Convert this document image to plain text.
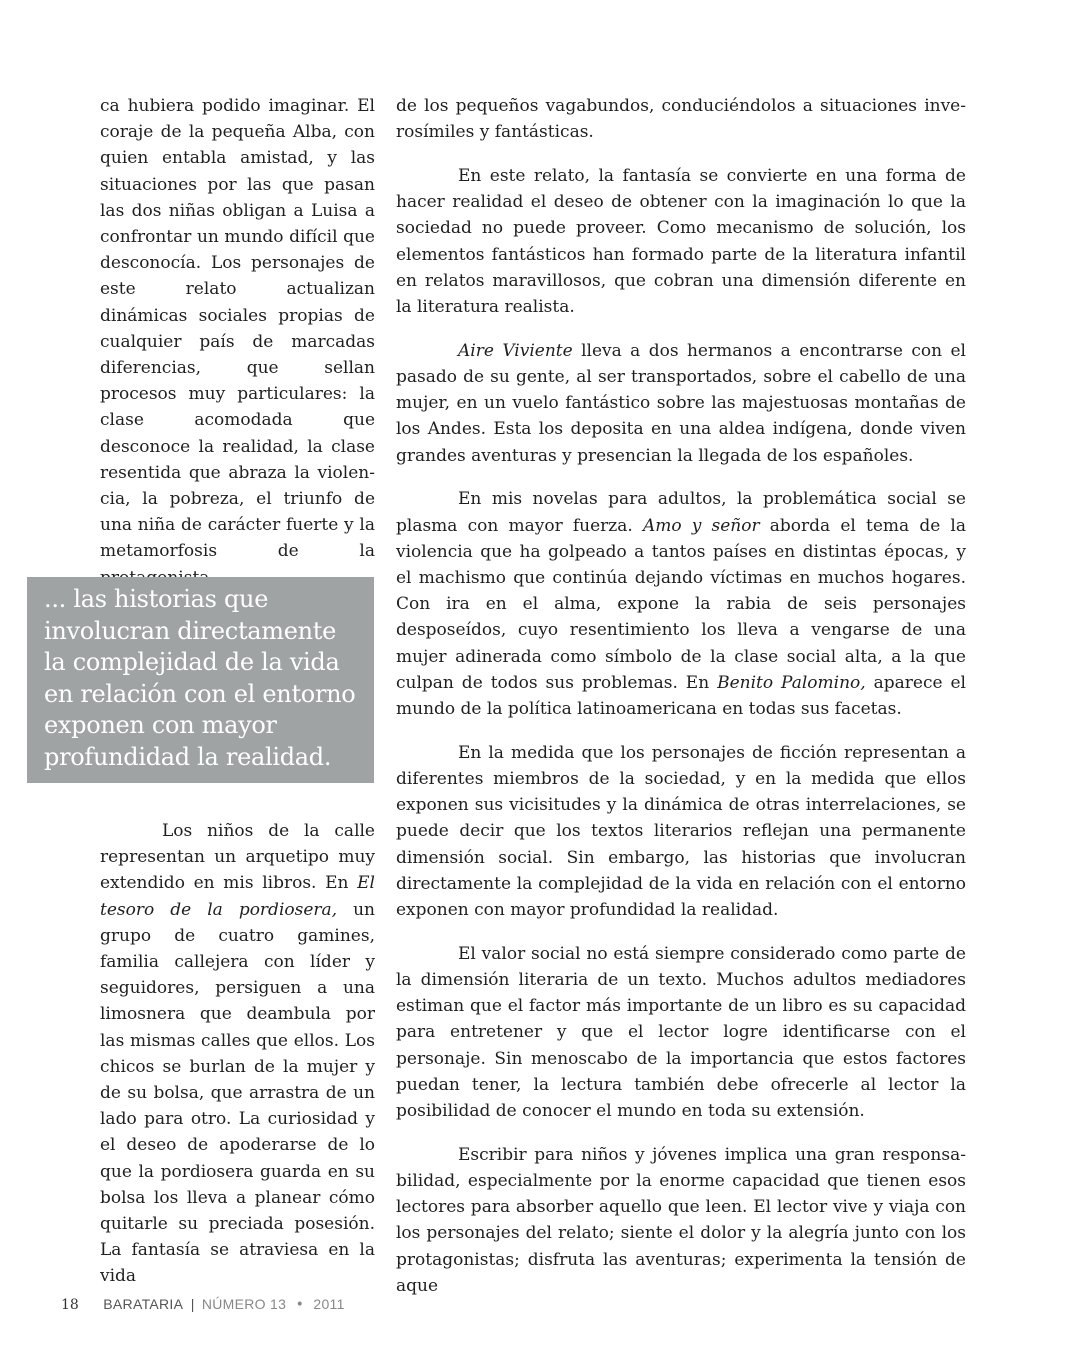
ca hubiera podido imaginar. El coraje de la pequeña Alba, con quien entabla amistad, y las situaciones por las que pasan las dos niñas obligan a Luisa a confrontar un mundo difícil que desconocía. Los personajes de este relato actualizan dinámicas sociales propias de cualquier país de marcadas diferencias, que sellan procesos muy particulares: la clase acomodada que desconoce la realidad, la clase resentida que abraza la violencia, la pobreza, el triunfo de una niña de carácter fuerte y la metamorfosis de la

... las historias que involucran directamente la complejidad de la vida en relación con el entorno exponen con mayor profundidad la realidad.

Los niños de la calle representan un arquetipo muy extendido en mis libros. En El tesoro de la pordiosera, un grupo de cuatro gamines, familia callejera con líder y seguidores, persiguen a una limosnera que deambula por las mismas calles que ellos. Los chicos se burlan de la mujer y de su bolsa, que arrastra de un lado para otro. La curiosidad y el deseo de apoderarse de lo que la pordiosera guarda en su bolsa los lleva a planear cómo quitarle su preciada posesión. La fantasía se atraviesa en la vida

de los pequeños vagabundos, conduciéndolos a situaciones inverosímiles y fantásticas.

En este relato, la fantasía se convierte en una forma de hacer realidad el deseo de obtener con la imaginación lo que la sociedad no puede proveer. Como mecanismo de solución, los elementos fantásticos han formado parte de la literatura infantil en relatos maravillosos, que cobran una dimensión diferente en la literatura realista.

Aire Viviente lleva a dos hermanos a encontrarse con el pasado de su gente, al ser transportados, sobre el cabello de una mujer, en un vuelo fantástico sobre las majestuosas montañas de los Andes. Esta los deposita en una aldea indígena, donde viven grandes aventuras y presencian la llegada de los españoles.

En mis novelas para adultos, la problemática social se plasma con mayor fuerza. Amo y señor aborda el tema de la violencia que ha golpeado a tantos países en distintas épocas, y el machismo que continúa dejando víctimas en muchos hogares. Con ira en el alma, expone la rabia de seis personajes desposeídos, cuyo resentimiento los lleva a vengarse de una mujer adinerada como símbolo de la clase social alta, a la que culpan de todos sus problemas. En Benito Palomino, aparece el mundo de la política latinoamericana en todas sus facetas.

En la medida que los personajes de ficción representan a diferentes miembros de la sociedad, y en la medida que ellos exponen sus vicisitudes y la dinámica de otras interrelaciones, se puede decir que los textos literarios reflejan una permanente dimensión social. Sin embargo, las historias que involucran directamente la complejidad de la vida en relación con el entorno exponen con mayor profundidad la realidad.

El valor social no está siempre considerado como parte de la dimensión literaria de un texto. Muchos adultos mediadores estiman que el factor más importante de un libro es su capacidad para entretener y que el lector logre identificarse con el personaje. Sin menoscabo de la importancia que estos factores puedan tener, la lectura también debe ofrecerle al lector la posibilidad de conocer el mundo en toda su extensión.

Escribir para niños y jóvenes implica una gran responsabilidad, especialmente por la enorme capacidad que tienen esos lectores para absorber aquello que leen. El lector vive y viaja con los personajes del relato; siente el dolor y la alegría junto con los protagonistas; disfruta las aventuras; experimenta la tensión de aque

18 BARATARIA | NÚMERO 13 • 2011
